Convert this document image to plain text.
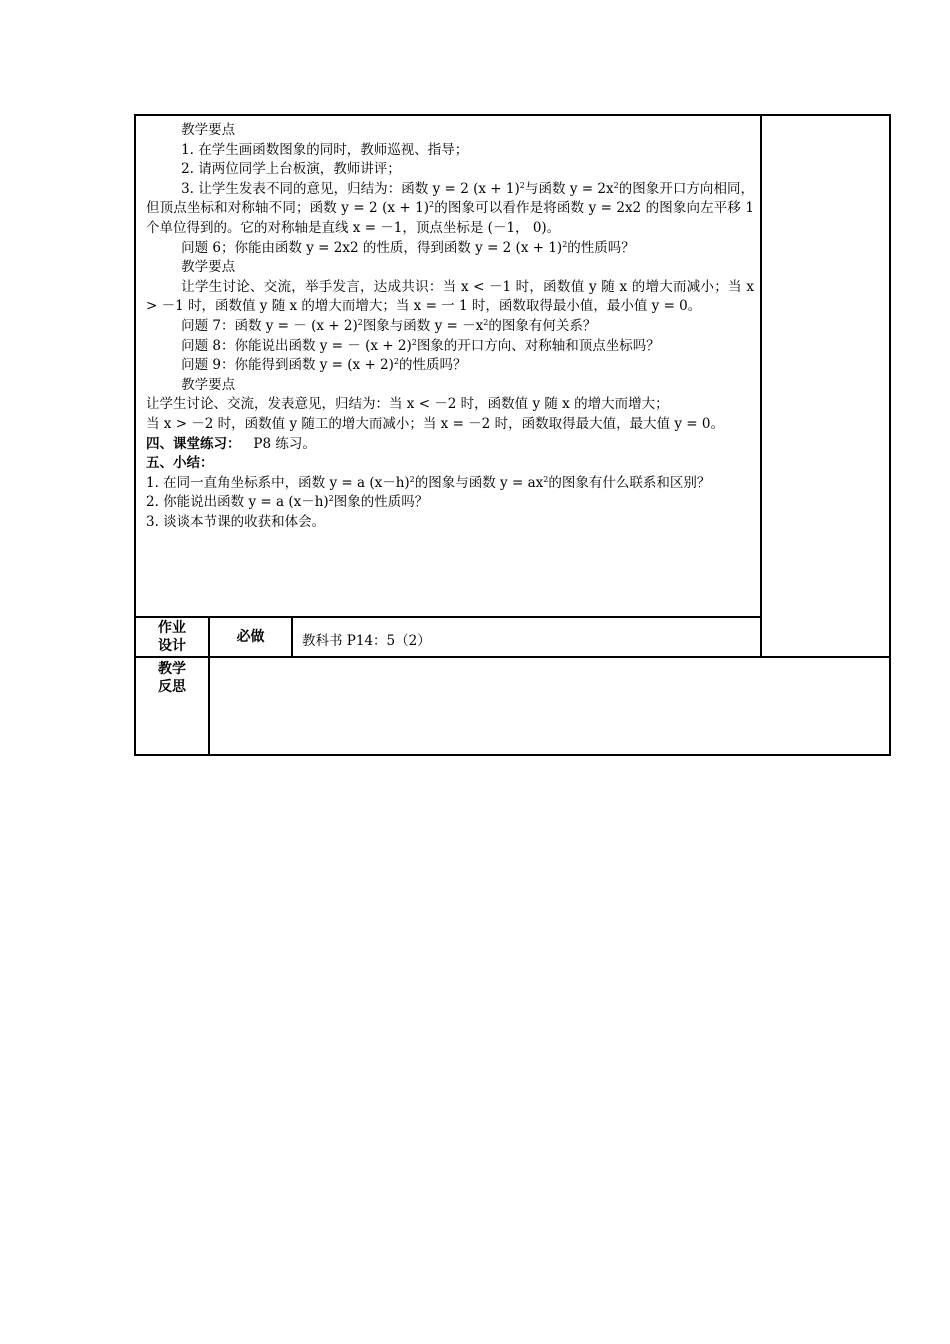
教学要点

1. 在学生画函数图象的同时，教师巡视、指导；

2. 请两位同学上台板演，教师讲评；

3. 让学生发表不同的意见，归结为：函数 y = 2 $(x + 1)^2$与函数 $y = 2x^2$的图象开口方向相同，但顶点坐标和对称轴不同；函数 y = 2 $(x + 1)^2$的图象可以看作是将函数 y = 2x2 的图象向左平移 1 个单位得到的。它的对称轴是直线 x = －1，顶点坐标是 (－1， 0)。

问题 6；你能由函数 y = 2x2 的性质，得到函数 y = 2 $(x + 1)^2$的性质吗？

教学要点

让学生讨论、交流，举手发言，达成共识：当 x < －1 时，函数值 y 随 x 的增大而减小；当 x > －1 时，函数值 y 随 x 的增大而增大；当 x = 一 1 时，函数取得最小值，最小值 y = 0。

问题 7：函数 y = － $(x + 2)^2$图象与函数 $y = -x^2$的图象有何关系？

问题 8：你能说出函数 y = － $(x + 2)^2$图象的开口方向、对称轴和顶点坐标吗？

问题 9：你能得到函数 $y = (x + 2)^2$的性质吗？

教学要点

让学生讨论、交流，发表意见，归结为：当 x < －2 时，函数值 y 随 x 的增大而增大；

当 x > －2 时，函数值 y 随工的增大而减小；当 x = －2 时，函数取得最大值，最大值 y = 0。

四、课堂练习： P8 练习。

五、小结：

1. 在同一直角坐标系中，函数 y = a $(x-h)^2$的图象与函数 $y = ax^2$的图象有什么联系和区别？

2. 你能说出函数 y = a $(x-h)^2$图象的性质吗？

3. 谈谈本节课的收获和体会。

作业
设计
必做	教科书 P14：5（2）
教学
反思
